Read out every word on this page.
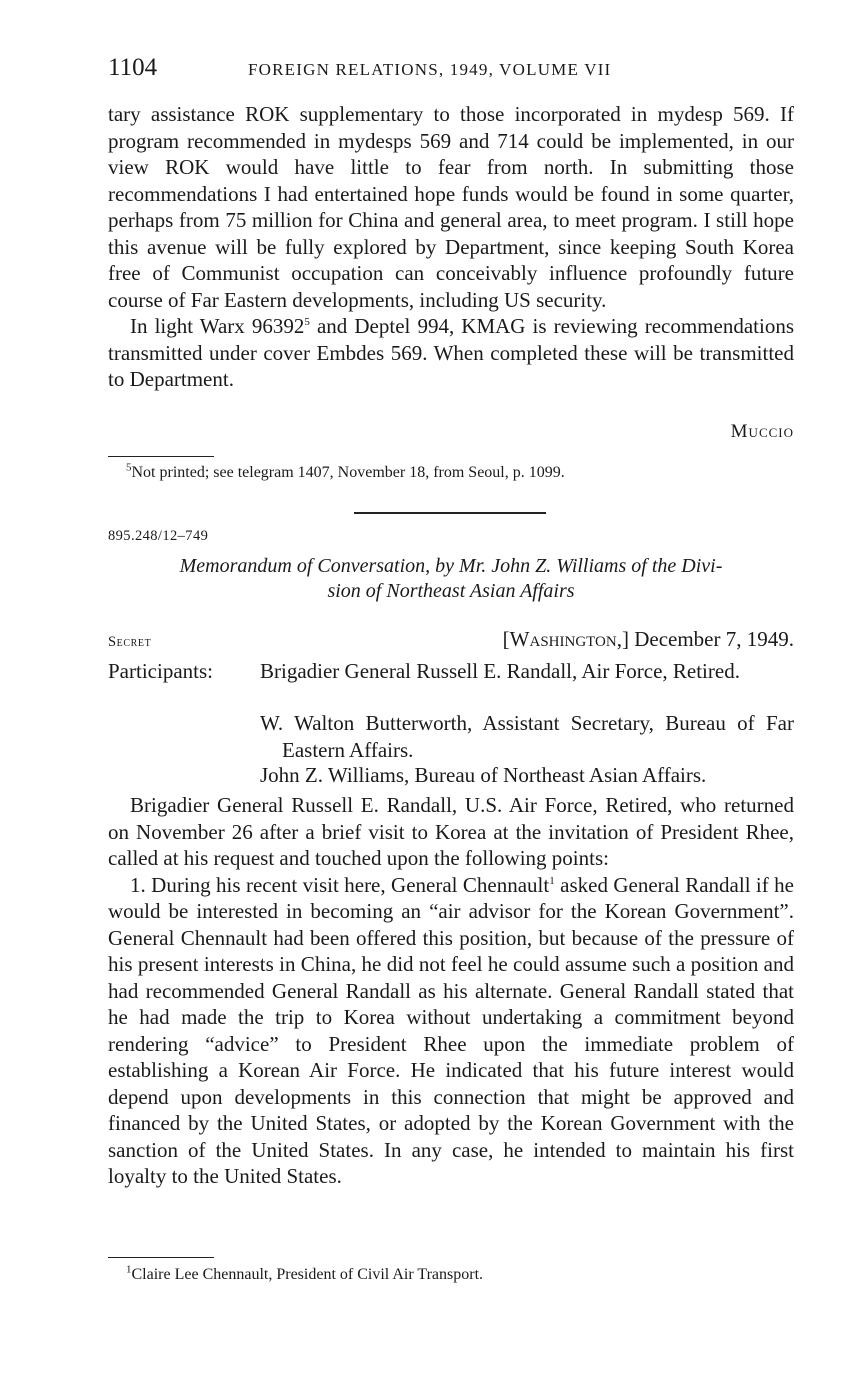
1104	FOREIGN RELATIONS, 1949, VOLUME VII

tary assistance ROK supplementary to those incorporated in mydesp 569. If program recommended in mydesps 569 and 714 could be implemented, in our view ROK would have little to fear from north. In submitting those recommendations I had entertained hope funds would be found in some quarter, perhaps from 75 million for China and general area, to meet program. I still hope this avenue will be fully explored by Department, since keeping South Korea free of Communist occupation can conceivably influence profoundly future course of Far Eastern developments, including US security.

In light Warx 96392$^5$ and Deptel 994, KMAG is reviewing recommendations transmitted under cover Embdes 569. When completed these will be transmitted to Department.

Muccio
$^5$Not printed; see telegram 1407, November 18, from Seoul, p. 1099.
895.248/12–749
Memorandum of Conversation, by Mr. John Z. Williams of the Divi-
sion of Northeast Asian Affairs
Secret	[Washington,] December 7, 1949.
Participants: Brigadier General Russell E. Randall, Air Force, Retired.
W. Walton Butterworth, Assistant Secretary, Bureau of Far Eastern Affairs.
John Z. Williams, Bureau of Northeast Asian Affairs.

Brigadier General Russell E. Randall, U.S. Air Force, Retired, who returned on November 26 after a brief visit to Korea at the invitation of President Rhee, called at his request and touched upon the following points:

1. During his recent visit here, General Chennault$^1$ asked General Randall if he would be interested in becoming an “air advisor for the Korean Government”. General Chennault had been offered this position, but because of the pressure of his present interests in China, he did not feel he could assume such a position and had recommended General Randall as his alternate. General Randall stated that he had made the trip to Korea without undertaking a commitment beyond rendering “advice” to President Rhee upon the immediate problem of establishing a Korean Air Force. He indicated that his future interest would depend upon developments in this connection that might be approved and financed by the United States, or adopted by the Korean Government with the sanction of the United States. In any case, he intended to maintain his first loyalty to the United States.

$^1$Claire Lee Chennault, President of Civil Air Transport.
